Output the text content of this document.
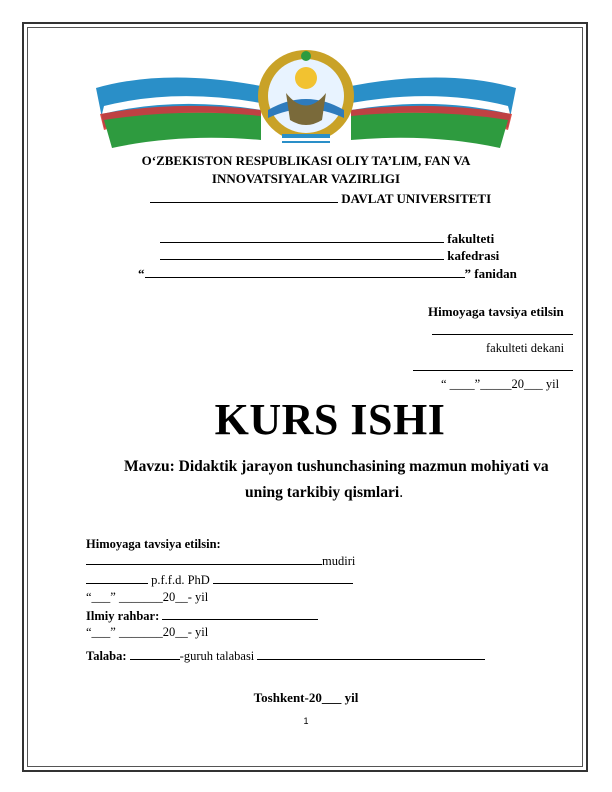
O‘ZBEKISTON RESPUBLIKASI OLIY TA’LIM, FAN VA
INNOVATSIYALAR VAZIRLIGI
DAVLAT UNIVERSITETI
fakulteti
kafedrasi
“	” fanidan
Himoyaga tavsiya etilsin
fakulteti dekani
“ ____”_____20___ yil
KURS ISHI
Mavzu: Didaktik jarayon tushunchasining mazmun mohiyati va
uning tarkibiy qismlari.
Himoyaga tavsiya etilsin:
mudiri
p.f.f.d. PhD
“___” _______20__- yil
Ilmiy rahbar:
“___” _______20__- yil
Talaba:	-guruh talabasi
Toshkent-20___ yil
1
